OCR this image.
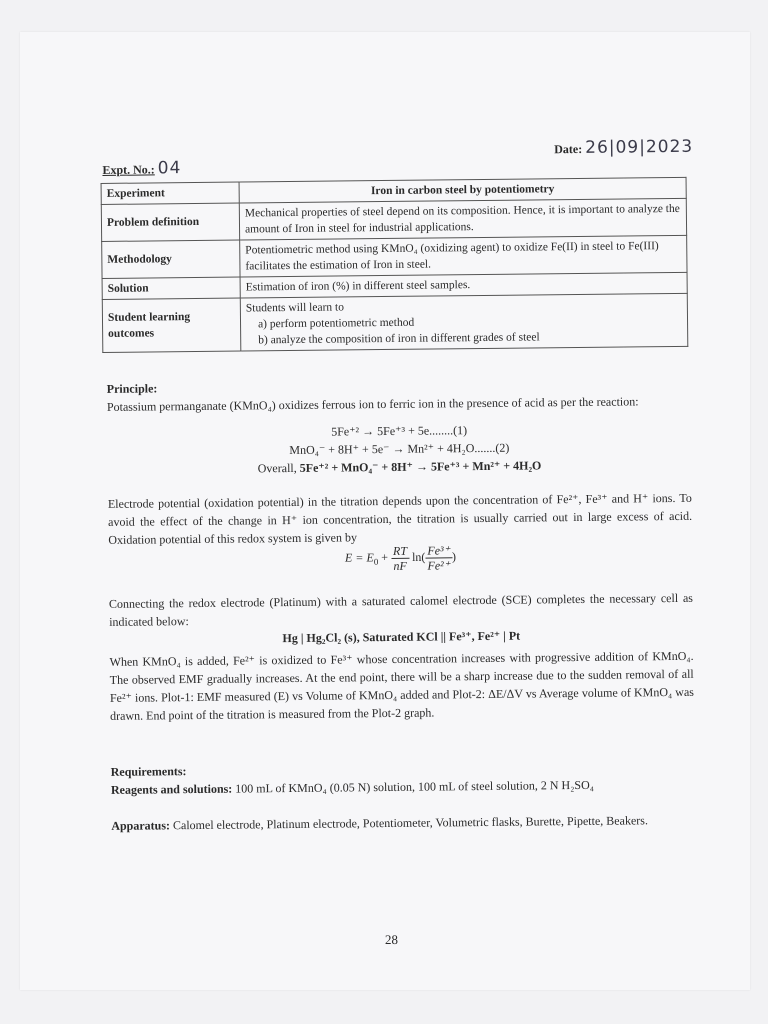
Expt. No.: 04
Date: 26|09|2023
Experiment	Iron in carbon steel by potentiometry
Problem definition	Mechanical properties of steel depend on its composition. Hence, it is important to analyze the amount of Iron in steel for industrial applications.
Methodology	Potentiometric method using KMnO₄ (oxidizing agent) to oxidize Fe(II) in steel to Fe(III) facilitates the estimation of Iron in steel.
Solution	Estimation of iron (%) in different steel samples.
Student learning outcomes	Students will learn to
a) perform potentiometric method
b) analyze the composition of iron in different grades of steel
Principle:
Potassium permanganate (KMnO₄) oxidizes ferrous ion to ferric ion in the presence of acid as per the reaction:
5Fe⁺² → 5Fe⁺³ + 5e........(1)
MnO₄⁻ + 8H⁺ + 5e⁻ → Mn²⁺ + 4H₂O.......(2)
Overall, 5Fe⁺² + MnO₄⁻ + 8H⁺ → 5Fe⁺³ + Mn²⁺ + 4H₂O
Electrode potential (oxidation potential) in the titration depends upon the concentration of Fe²⁺, Fe³⁺ and H⁺ ions. To avoid the effect of the change in H⁺ ion concentration, the titration is usually carried out in large excess of acid. Oxidation potential of this redox system is given by
$E = E_0 + \frac{RT}{nF} \ln( \frac{\text{Fe³⁺}}{\text{Fe²⁺}}$ )
Connecting the redox electrode (Platinum) with a saturated calomel electrode (SCE) completes the necessary cell as indicated below:
Hg | Hg₂Cl₂ (s), Saturated KCl || Fe³⁺, Fe²⁺ | Pt
When KMnO₄ is added, Fe²⁺ is oxidized to Fe³⁺ whose concentration increases with progressive addition of KMnO₄. The observed EMF gradually increases. At the end point, there will be a sharp increase due to the sudden removal of all Fe²⁺ ions. Plot-1: EMF measured (E) vs Volume of KMnO₄ added and Plot-2: ΔE/ΔV vs Average volume of KMnO₄ was drawn. End point of the titration is measured from the Plot-2 graph.
Requirements:
Reagents and solutions: 100 mL of KMnO₄ (0.05 N) solution, 100 mL of steel solution, 2 N H₂SO₄
Apparatus: Calomel electrode, Platinum electrode, Potentiometer, Volumetric flasks, Burette, Pipette, Beakers.
28
